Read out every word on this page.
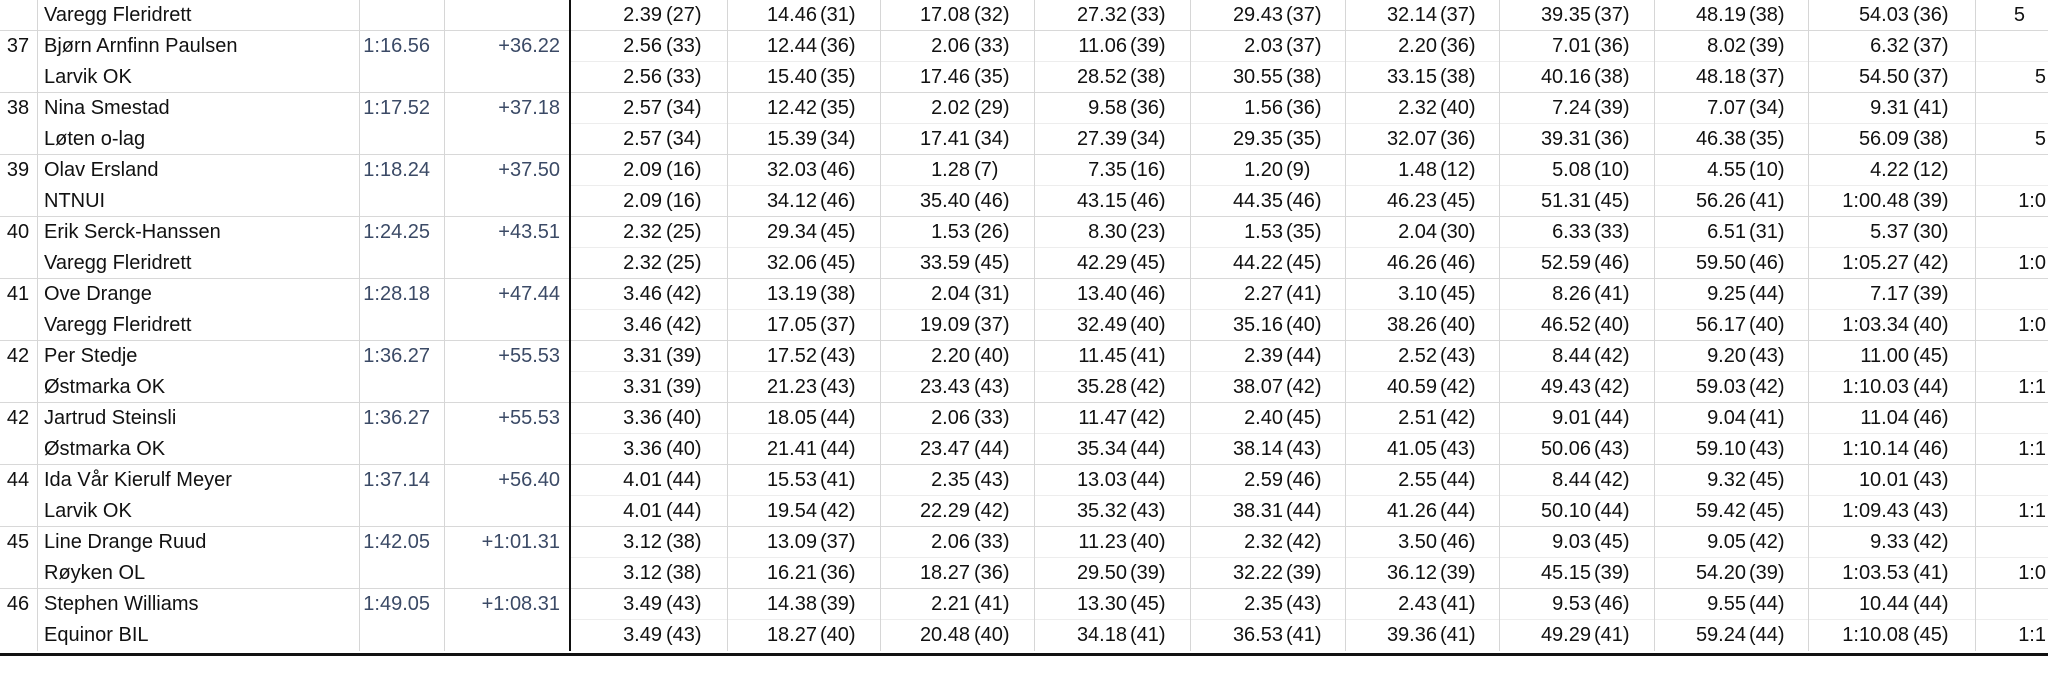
Varegg Fleridrett	2.39 (27)	14.46 (31)	17.08 (32)	27.32 (33)	29.43 (37)	32.14 (37)	39.35 (37)	48.19 (38)	54.03 (36)	5
37 Bjørn Arnfinn Paulsen	1:16.56	+36.22	2.56 (33)	12.44 (36)	2.06 (33)	11.06 (39)	2.03 (37)	2.20 (36)	7.01 (36)	8.02 (39)	6.32 (37)
Larvik OK	2.56 (33)	15.40 (35)	17.46 (35)	28.52 (38)	30.55 (38)	33.15 (38)	40.16 (38)	48.18 (37)	54.50 (37)	5
38 Nina Smestad	1:17.52	+37.18	2.57 (34)	12.42 (35)	2.02 (29)	9.58 (36)	1.56 (36)	2.32 (40)	7.24 (39)	7.07 (34)	9.31 (41)
Løten o-lag	2.57 (34)	15.39 (34)	17.41 (34)	27.39 (34)	29.35 (35)	32.07 (36)	39.31 (36)	46.38 (35)	56.09 (38)	5
39 Olav Ersland	1:18.24	+37.50	2.09 (16)	32.03 (46)	1.28 (7)	7.35 (16)	1.20 (9)	1.48 (12)	5.08 (10)	4.55 (10)	4.22 (12)
NTNUI	2.09 (16)	34.12 (46)	35.40 (46)	43.15 (46)	44.35 (46)	46.23 (45)	51.31 (45)	56.26 (41)	1:00.48 (39)	1:0
40 Erik Serck-Hanssen	1:24.25	+43.51	2.32 (25)	29.34 (45)	1.53 (26)	8.30 (23)	1.53 (35)	2.04 (30)	6.33 (33)	6.51 (31)	5.37 (30)
Varegg Fleridrett	2.32 (25)	32.06 (45)	33.59 (45)	42.29 (45)	44.22 (45)	46.26 (46)	52.59 (46)	59.50 (46)	1:05.27 (42)	1:0
41 Ove Drange	1:28.18	+47.44	3.46 (42)	13.19 (38)	2.04 (31)	13.40 (46)	2.27 (41)	3.10 (45)	8.26 (41)	9.25 (44)	7.17 (39)
Varegg Fleridrett	3.46 (42)	17.05 (37)	19.09 (37)	32.49 (40)	35.16 (40)	38.26 (40)	46.52 (40)	56.17 (40)	1:03.34 (40)	1:0
42 Per Stedje	1:36.27	+55.53	3.31 (39)	17.52 (43)	2.20 (40)	11.45 (41)	2.39 (44)	2.52 (43)	8.44 (42)	9.20 (43)	11.00 (45)
Østmarka OK	3.31 (39)	21.23 (43)	23.43 (43)	35.28 (42)	38.07 (42)	40.59 (42)	49.43 (42)	59.03 (42)	1:10.03 (44)	1:1
42 Jartrud Steinsli	1:36.27	+55.53	3.36 (40)	18.05 (44)	2.06 (33)	11.47 (42)	2.40 (45)	2.51 (42)	9.01 (44)	9.04 (41)	11.04 (46)
Østmarka OK	3.36 (40)	21.41 (44)	23.47 (44)	35.34 (44)	38.14 (43)	41.05 (43)	50.06 (43)	59.10 (43)	1:10.14 (46)	1:1
44 Ida Vår Kierulf Meyer	1:37.14	+56.40	4.01 (44)	15.53 (41)	2.35 (43)	13.03 (44)	2.59 (46)	2.55 (44)	8.44 (42)	9.32 (45)	10.01 (43)
Larvik OK	4.01 (44)	19.54 (42)	22.29 (42)	35.32 (43)	38.31 (44)	41.26 (44)	50.10 (44)	59.42 (45)	1:09.43 (43)	1:1
45 Line Drange Ruud	1:42.05	+1:01.31	3.12 (38)	13.09 (37)	2.06 (33)	11.23 (40)	2.32 (42)	3.50 (46)	9.03 (45)	9.05 (42)	9.33 (42)
Røyken OL	3.12 (38)	16.21 (36)	18.27 (36)	29.50 (39)	32.22 (39)	36.12 (39)	45.15 (39)	54.20 (39)	1:03.53 (41)	1:0
46 Stephen Williams	1:49.05	+1:08.31	3.49 (43)	14.38 (39)	2.21 (41)	13.30 (45)	2.35 (43)	2.43 (41)	9.53 (46)	9.55 (44)	10.44 (44)
Equinor BIL	3.49 (43)	18.27 (40)	20.48 (40)	34.18 (41)	36.53 (41)	39.36 (41)	49.29 (41)	59.24 (44)	1:10.08 (45)	1:1
